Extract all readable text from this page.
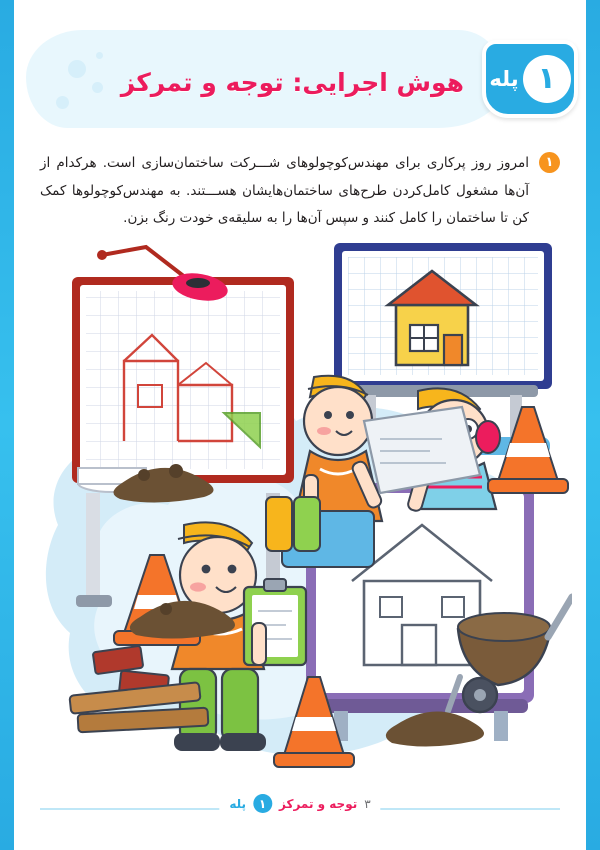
هوش اجرایی: توجه و تمرکز پله ۱
۱
امروز روز پرکاری برای مهندس‌کوچولوهای شـــرکت ساختمان‌سازی است. هرکدام از آن‌ها مشغول کامل‌کردن طرح‌های ساختمان‌هایشان هســـتند. به مهندس‌کوچولوها کمک کن تا ساختمان را کامل کنند و سپس آن‌ها را به سلیقه‌ی خودت رنگ بزن.
پله	۱	توجه و تمرکز ۳
